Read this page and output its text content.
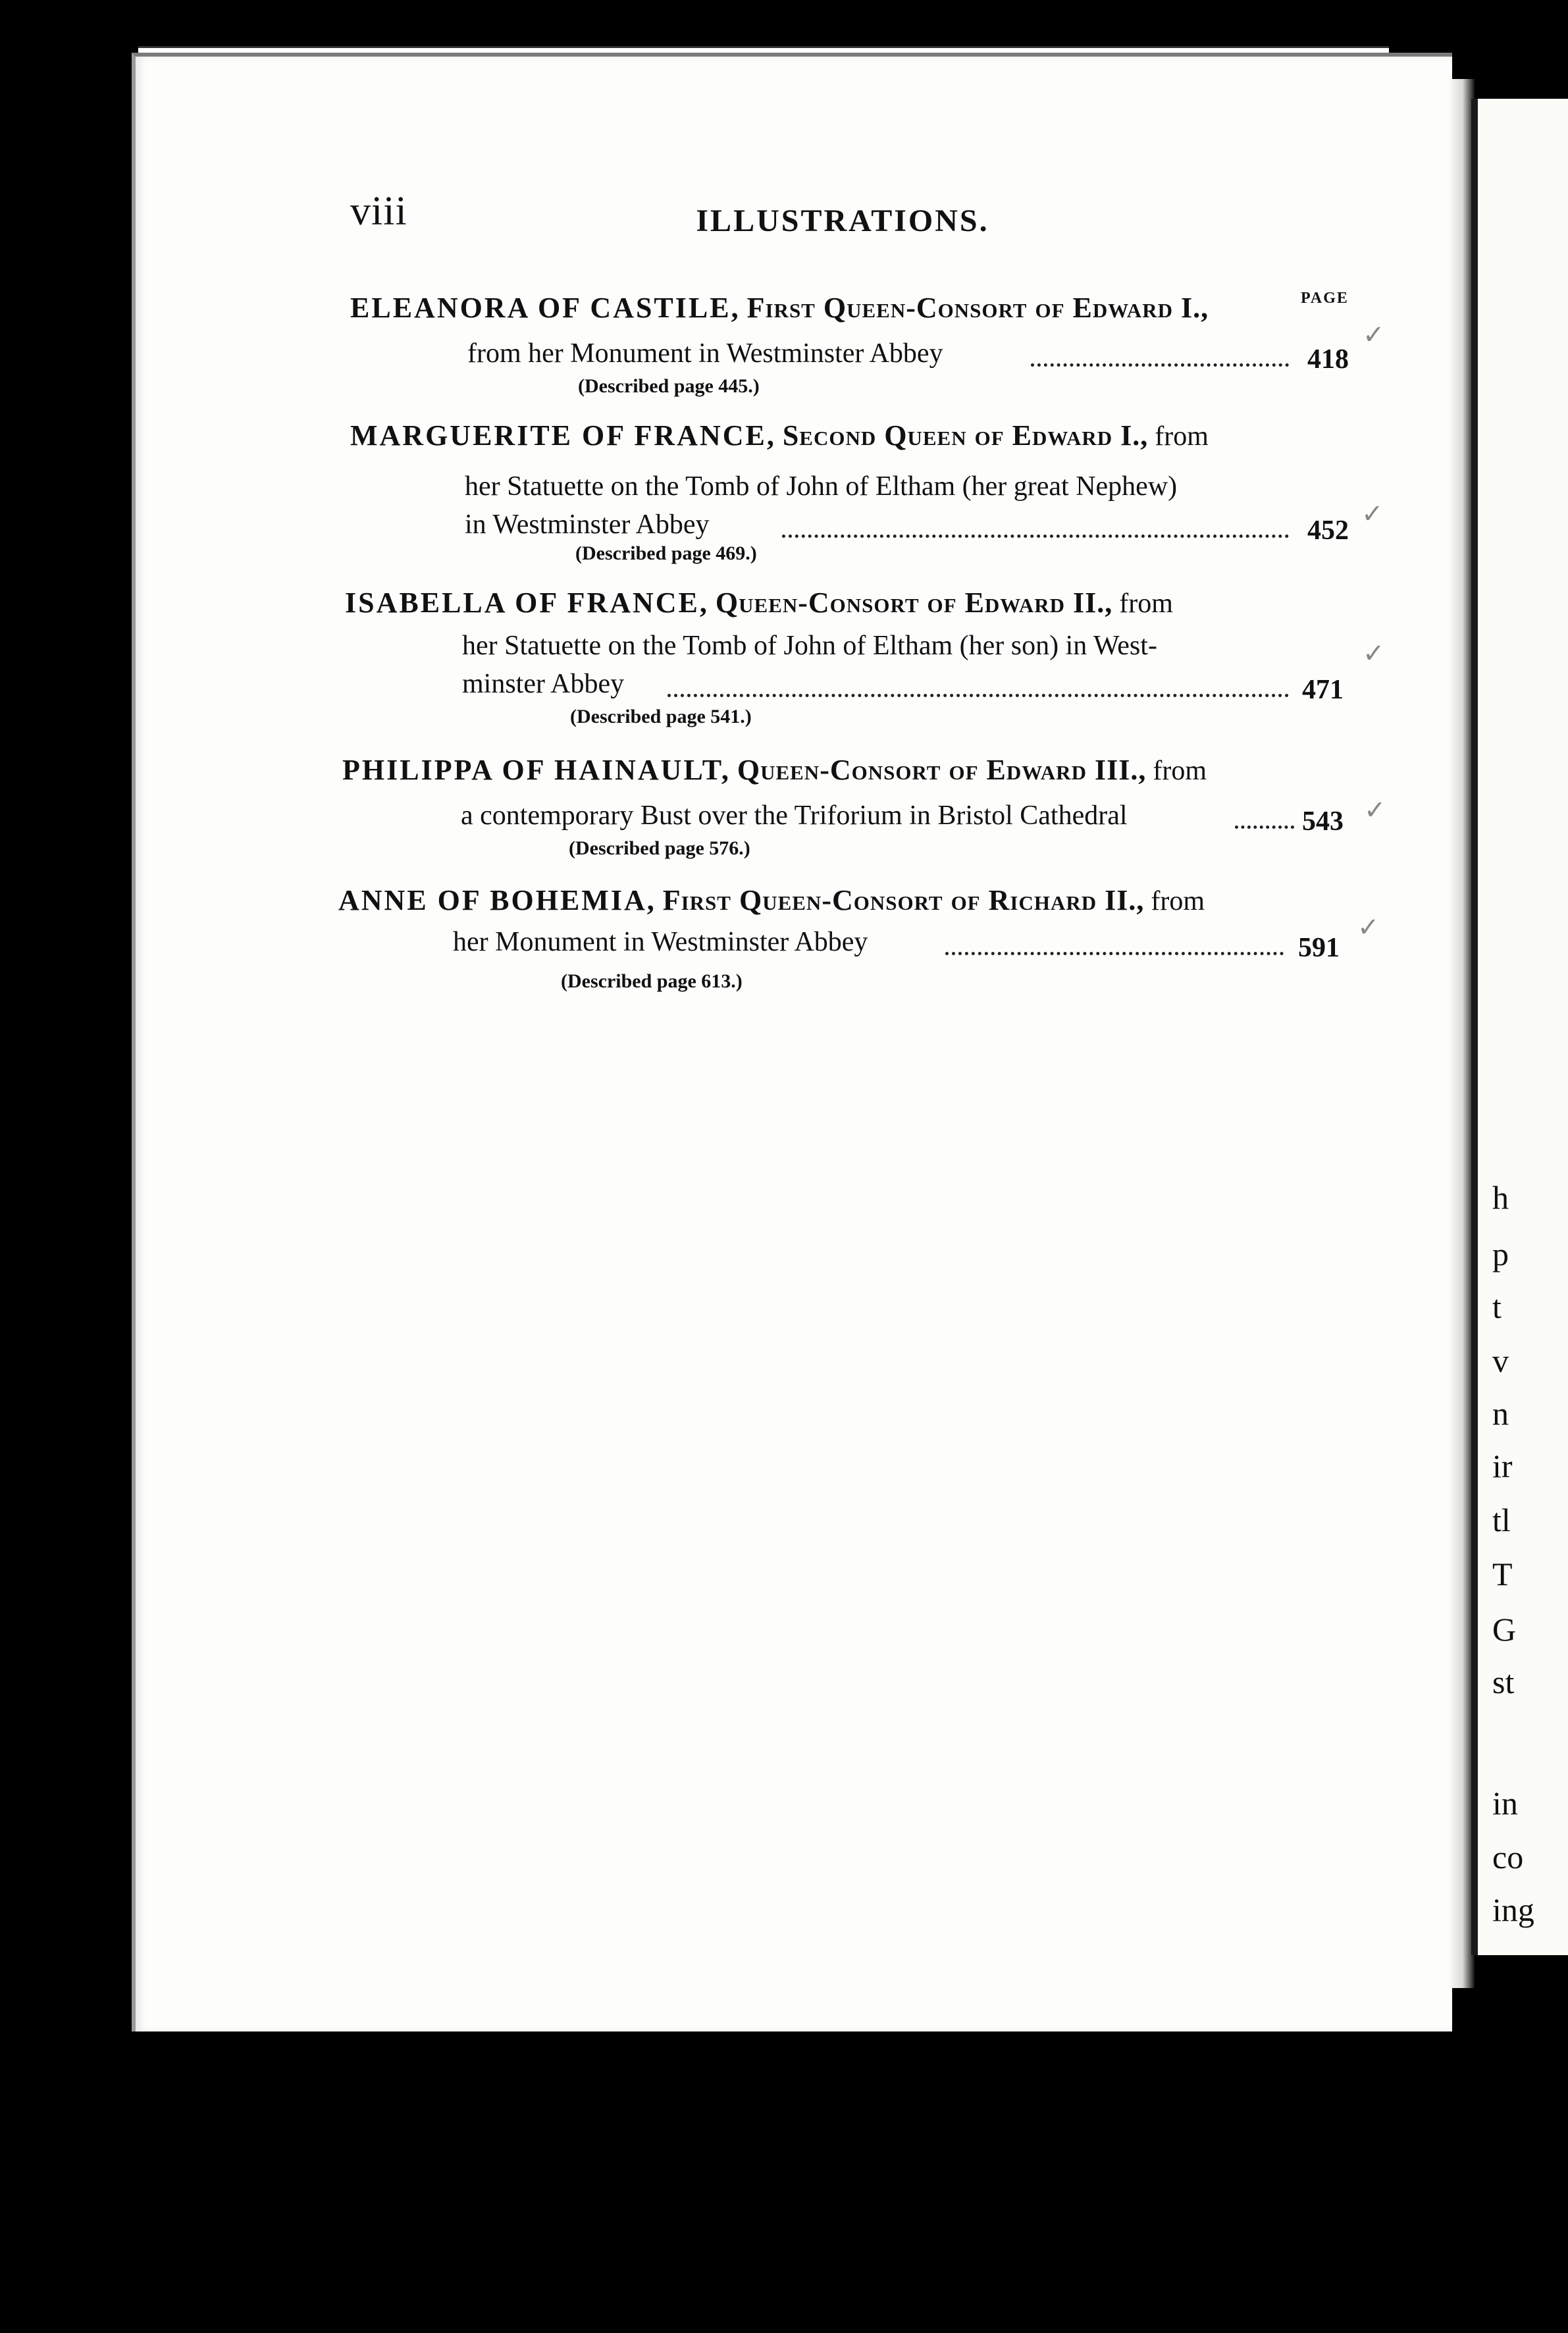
h
p
t
v
n
ir
tl
T
G
st
in
co
ing
viii	ILLUSTRATIONS.
PAGE
ELEANORA OF CASTILE, First Queen-Consort of Edward I.,
from her Monument in Westminster Abbey	418
✓
(Described page 445.)
MARGUERITE OF FRANCE, Second Queen of Edward I., from
her Statuette on the Tomb of John of Eltham (her great Nephew)
in Westminster Abbey	452
✓
(Described page 469.)
ISABELLA OF FRANCE, Queen-Consort of Edward II., from
her Statuette on the Tomb of John of Eltham (her son) in West-
minster Abbey	471
✓
(Described page 541.)
PHILIPPA OF HAINAULT, Queen-Consort of Edward III., from
a contemporary Bust over the Triforium in Bristol Cathedral	543 ✓
(Described page 576.)
ANNE OF BOHEMIA, First Queen-Consort of Richard II., from
her Monument in Westminster Abbey	591
✓
(Described page 613.)
